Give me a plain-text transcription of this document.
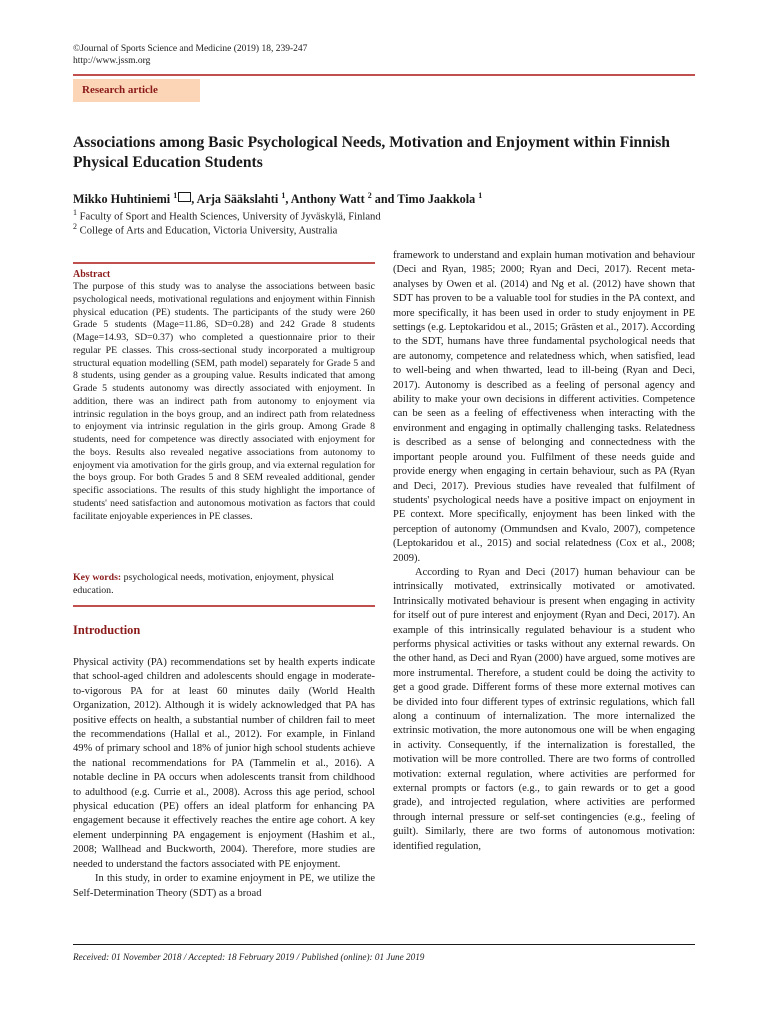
©Journal of Sports Science and Medicine (2019) 18, 239-247
http://www.jssm.org
Research article
Associations among Basic Psychological Needs, Motivation and Enjoyment within Finnish Physical Education Students
Mikko Huhtiniemi $^1$ , Arja Sääkslahti $^1$, Anthony Watt $^2$ and Timo Jaakkola $^1$
$^1$ Faculty of Sport and Health Sciences, University of Jyväskylä, Finland
$^2$ College of Arts and Education, Victoria University, Australia
Abstract
The purpose of this study was to analyse the associations between basic psychological needs, motivational regulations and enjoyment within Finnish physical education (PE) students. The participants of the study were 260 Grade 5 students (Mage=11.86, SD=0.28) and 242 Grade 8 students (Mage=14.93, SD=0.37) who completed a questionnaire prior to their regular PE classes. This cross-sectional study incorporated a multigroup structural equation modelling (SEM, path model) separately for Grade 5 and 8 students, using gender as a grouping value. Results indicated that among Grade 5 students autonomy was directly associated with enjoyment. In addition, there was an indirect path from autonomy to enjoyment via intrinsic regulation in the boys group, and an indirect path from relatedness to enjoyment via intrinsic regulation in the girls group. Among Grade 8 students, need for competence was directly associated with enjoyment for the boys. Results also revealed negative associations from autonomy to enjoyment via amotivation for the girls group, and via external regulation for the boys group. For both Grades 5 and 8 SEM revealed additional, gender specific associations. The results of this study highlight the importance of students' need satisfaction and autonomous motivation as factors that could facilitate enjoyable experiences in PE classes.
Key words: psychological needs, motivation, enjoyment, physical education.
Introduction

Physical activity (PA) recommendations set by health experts indicate that school-aged children and adolescents should engage in moderate-to-vigorous PA for at least 60 minutes daily (World Health Organization, 2012). Although it is widely acknowledged that PA has positive effects on health, a substantial number of children fail to meet the recommendations (Hallal et al., 2012). For example, in Finland 49% of primary school and 18% of junior high school students achieve the national recommendations for PA (Tammelin et al., 2016). A notable decline in PA occurs when adolescents transit from childhood to adulthood (e.g. Currie et al., 2008). Across this age period, school physical education (PE) offers an ideal platform for enhancing PA engagement because it effectively reaches the entire age cohort. A key element underpinning PA engagement is enjoyment (Hashim et al., 2008; Wallhead and Buckworth, 2004). Therefore, more studies are needed to understand the factors associated with PE enjoyment.

In this study, in order to examine enjoyment in PE, we utilize the Self-Determination Theory (SDT) as a broad

framework to understand and explain human motivation and behaviour (Deci and Ryan, 1985; 2000; Ryan and Deci, 2017). Recent meta-analyses by Owen et al. (2014) and Ng et al. (2012) have shown that SDT has proven to be a valuable tool for studies in the PA context, and more specifically, it has been used in order to study enjoyment in PE settings (e.g. Leptokaridou et al., 2015; Grästen et al., 2017). According to the SDT, humans have three fundamental psychological needs that are autonomy, competence and relatedness which, when satisfied, lead to well-being and when thwarted, lead to ill-being (Ryan and Deci, 2017). Autonomy is described as a feeling of personal agency and ability to make your own decisions in different activities. Competence can be seen as a feeling of effectiveness when interacting with the environment and engaging in optimally challenging tasks. Relatedness is described as a sense of belonging and connectedness with the important people around you. Fulfilment of these needs guide and provide energy when engaging in certain behaviour, such as PA (Ryan and Deci, 2017). Previous studies have revealed that fulfilment of students' psychological needs have a positive impact on enjoyment in PE context. More specifically, enjoyment has been linked with the perception of autonomy (Ommundsen and Kvalo, 2007), competence (Leptokaridou et al., 2015) and social relatedness (Cox et al., 2008; 2009).

According to Ryan and Deci (2017) human behaviour can be intrinsically motivated, extrinsically motivated or amotivated. Intrinsically motivated behaviour is present when engaging in activity for itself out of pure interest and enjoyment (Ryan and Deci, 2017). An example of this intrinsically regulated behaviour is a student who performs physical activities or tasks without any external rewards. On the other hand, as Deci and Ryan (2000) have argued, some motives are more instrumental. Therefore, a student could be doing the activity to get a good grade. Different forms of these more external motives can be divided into four different types of extrinsic regulations, which fall along a continuum of internalization. The more internalized the extrinsic motivation, the more autonomous one will be when engaging in activity. Consequently, if the internalization is forestalled, the motivation will be more controlled. There are two forms of controlled motivation: external regulation, where activities are performed for external prompts or factors (e.g., to gain rewards or to get a good grade), and introjected regulation, where activities are performed through internal pressure or self-set contingencies (e.g., feeling of guilt). Similarly, there are two forms of autonomous motivation: identified regulation,

Received: 01 November 2018 / Accepted: 18 February 2019 / Published (online): 01 June 2019
